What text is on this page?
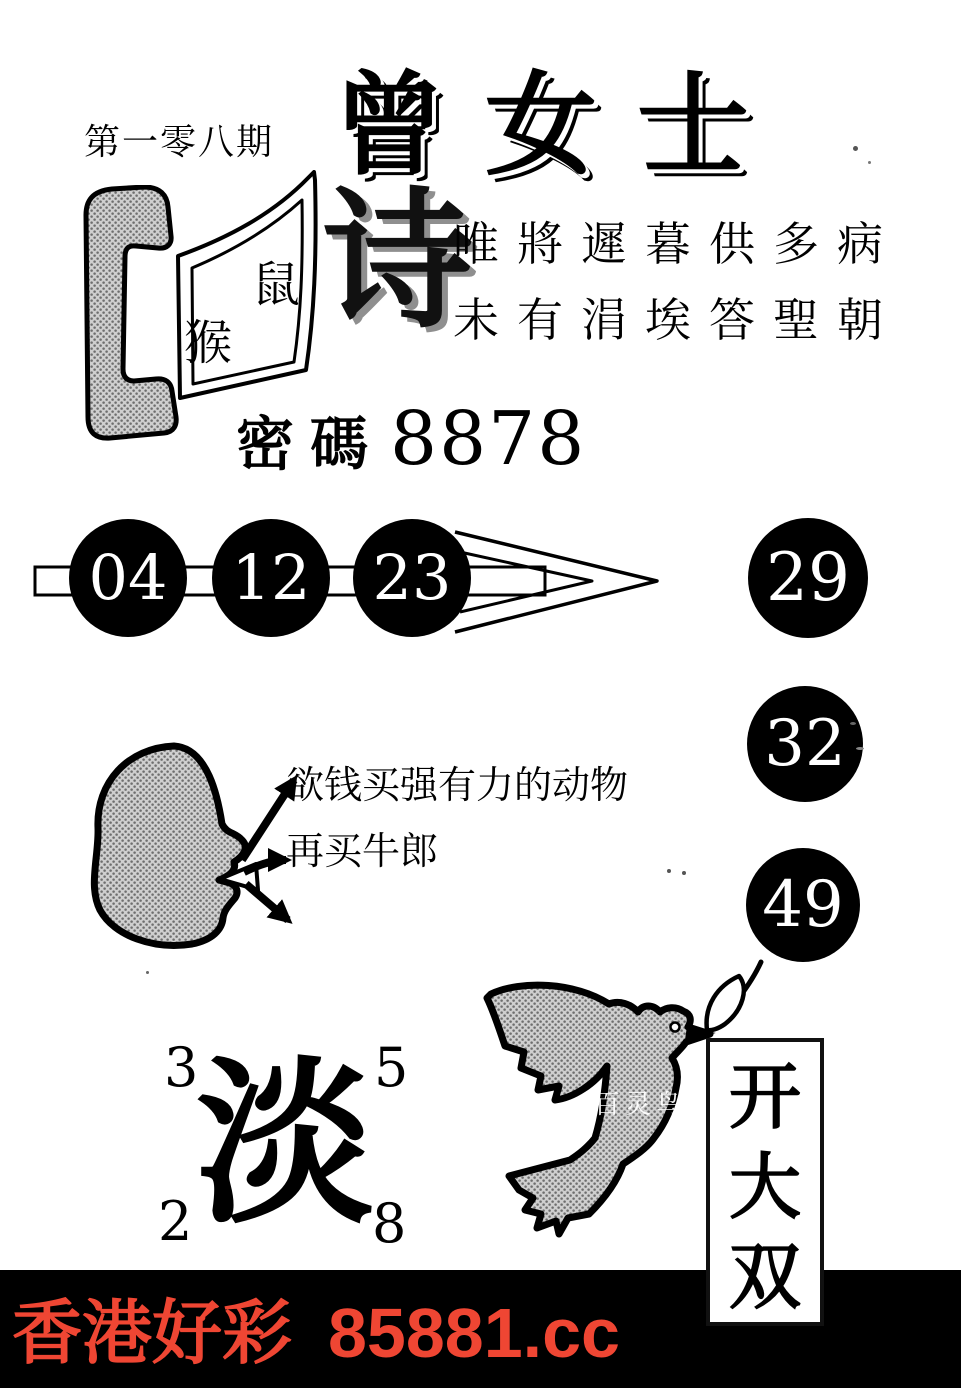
第一零八期 曾女士
鼠
猴 诗
唯將遲暮供多病
未有涓埃答聖朝
密碼 8878
04	12	23	29
32
49
欲钱买强有力的动物
再买牛郎
3	5
2	8
淡	百灵鸟 开
大
双
香港好彩 85881.cc
